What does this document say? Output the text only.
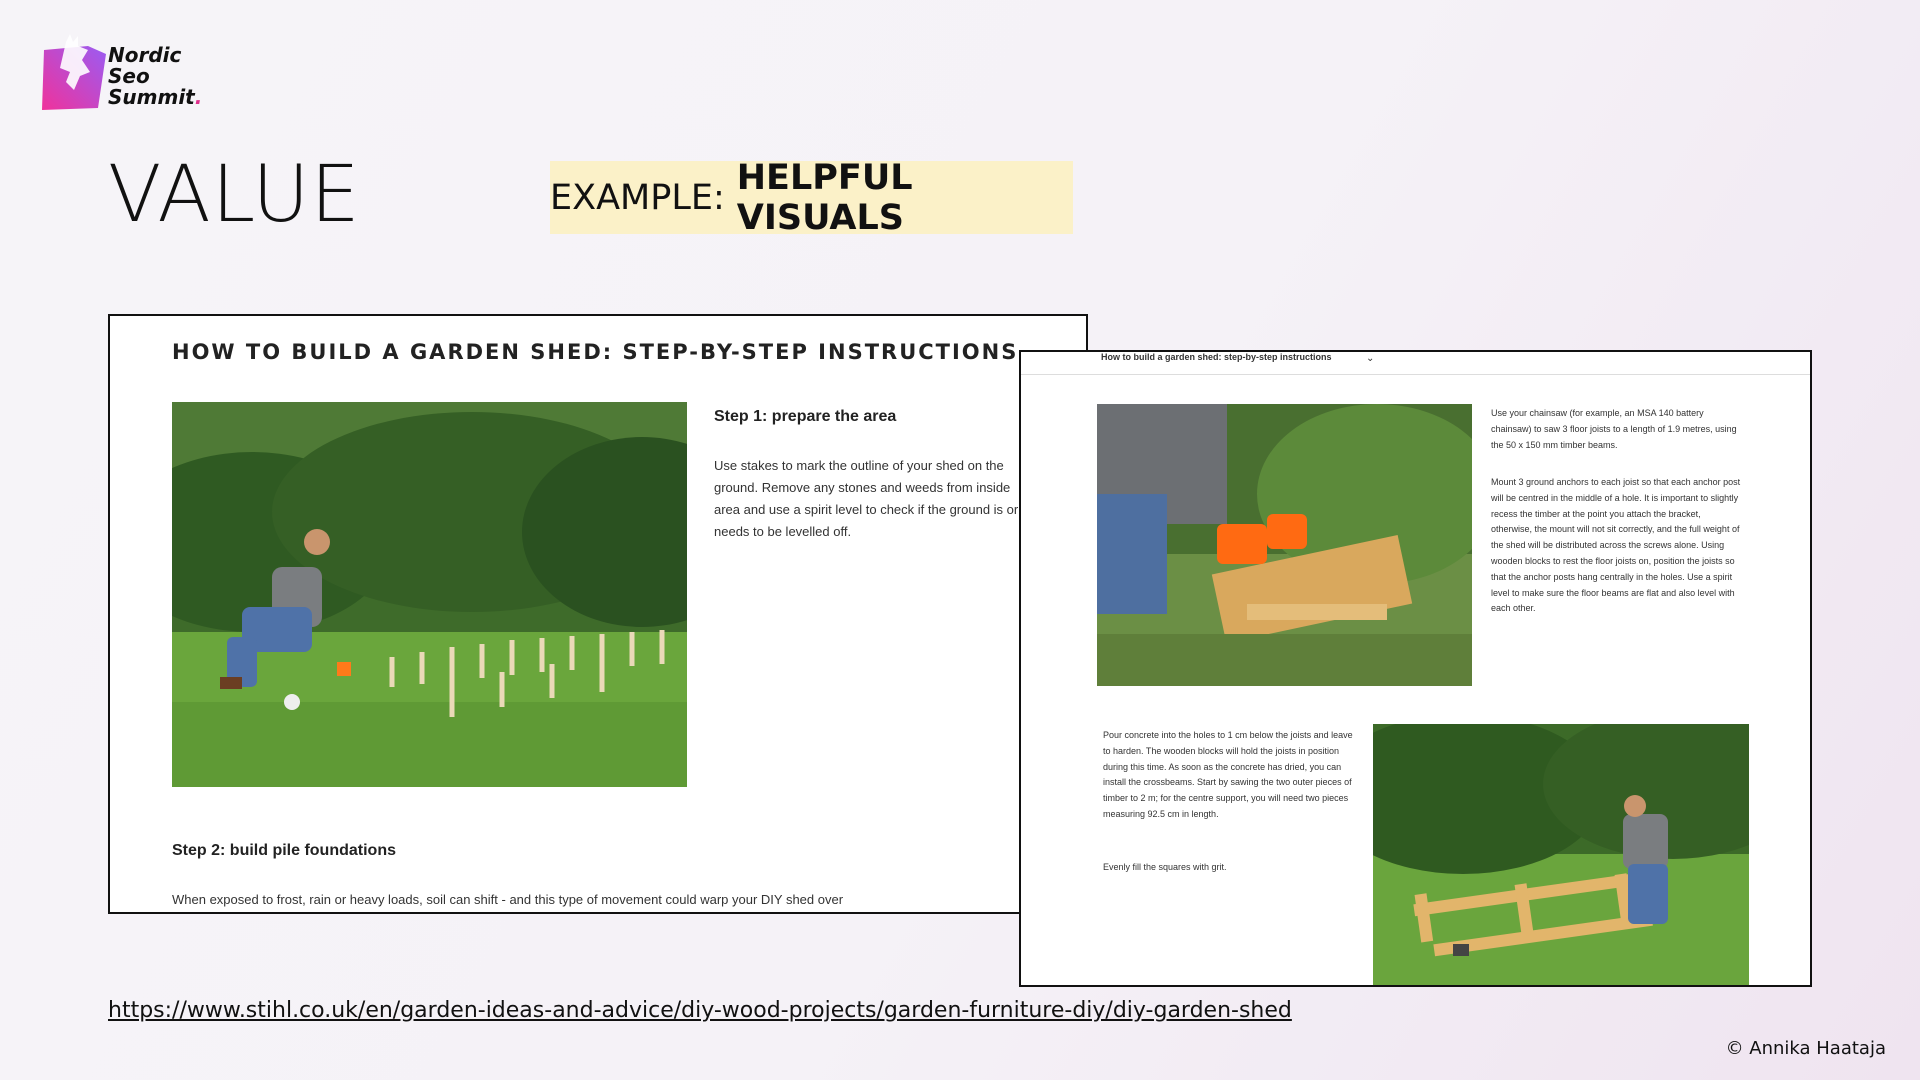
Nordic
Seo
Summit.
VALUE	EXAMPLE: HELPFUL VISUALS
HOW TO BUILD A GARDEN SHED: STEP-BY-STEP INSTRUCTIONS
Step 1: prepare the area
Use stakes to mark the outline of your shed on the ground. Remove any stones and weeds from inside area and use a spirit level to check if the ground is or needs to be levelled off.
Step 2: build pile foundations
When exposed to frost, rain or heavy loads, soil can shift - and this type of movement could warp your DIY shed over
How to build a garden shed: step-by-step instructions	⌄
Use your chainsaw (for example, an MSA 140 battery chainsaw) to saw 3 floor joists to a length of 1.9 metres, using the 50 x 150 mm timber beams.
Mount 3 ground anchors to each joist so that each anchor post will be centred in the middle of a hole. It is important to slightly recess the timber at the point you attach the bracket, otherwise, the mount will not sit correctly, and the full weight of the shed will be distributed across the screws alone. Using wooden blocks to rest the floor joists on, position the joists so that the anchor posts hang centrally in the holes. Use a spirit level to make sure the floor beams are flat and also level with each other.
Pour concrete into the holes to 1 cm below the joists and leave to harden. The wooden blocks will hold the joists in position during this time. As soon as the concrete has dried, you can install the crossbeams. Start by sawing the two outer pieces of timber to 2 m; for the centre support, you will need two pieces measuring 92.5 cm in length.
Evenly fill the squares with grit.
https://www.stihl.co.uk/en/garden-ideas-and-advice/diy-wood-projects/garden-furniture-diy/diy-garden-shed
© Annika Haataja
